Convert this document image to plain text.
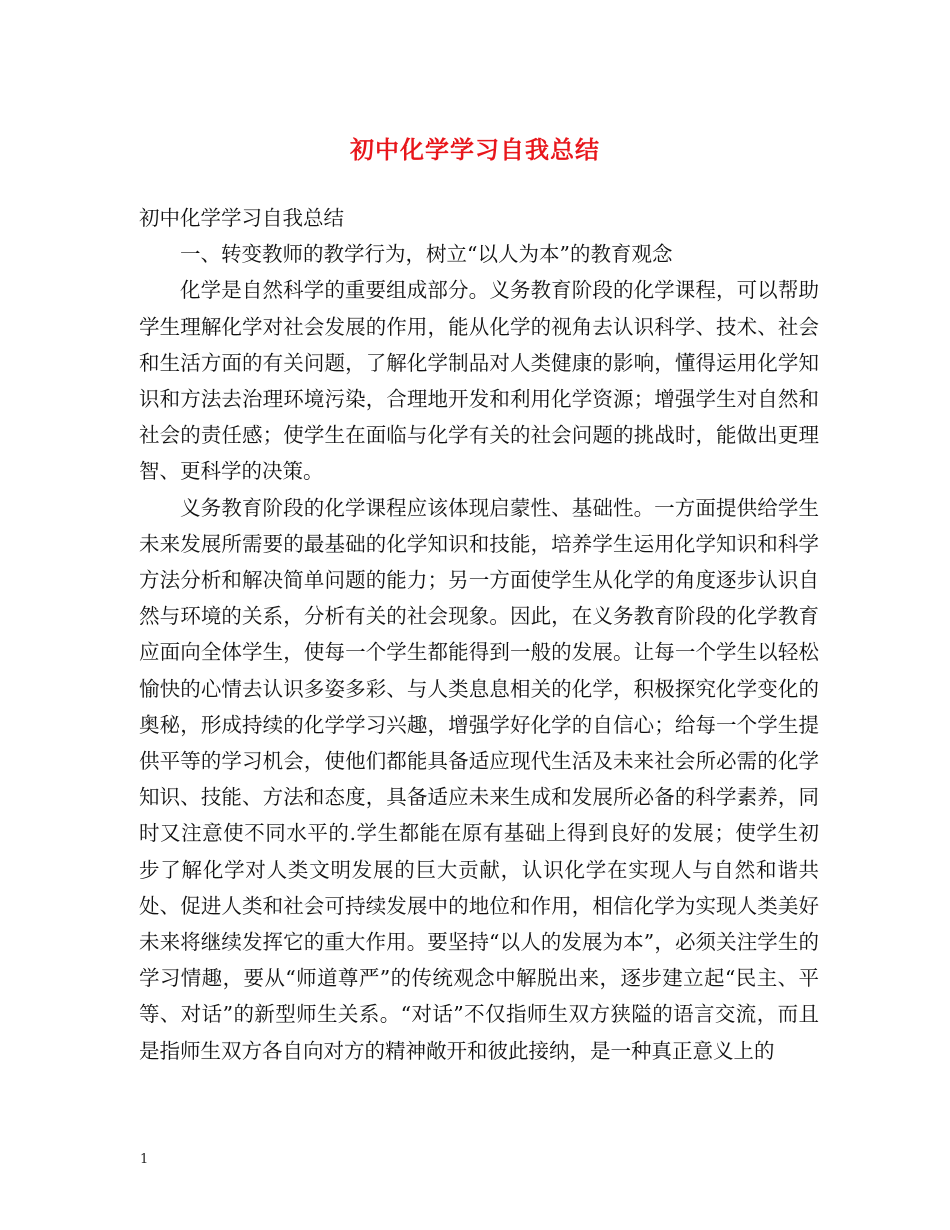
初中化学学习自我总结

初中化学学习自我总结

一、转变教师的教学行为，树立“以人为本”的教育观念

化学是自然科学的重要组成部分。义务教育阶段的化学课程，可以帮助学生理解化学对社会发展的作用，能从化学的视角去认识科学、技术、社会和生活方面的有关问题，了解化学制品对人类健康的影响，懂得运用化学知识和方法去治理环境污染，合理地开发和利用化学资源；增强学生对自然和社会的责任感；使学生在面临与化学有关的社会问题的挑战时，能做出更理智、更科学的决策。

义务教育阶段的化学课程应该体现启蒙性、基础性。一方面提供给学生未来发展所需要的最基础的化学知识和技能，培养学生运用化学知识和科学方法分析和解决简单问题的能力；另一方面使学生从化学的角度逐步认识自然与环境的关系，分析有关的社会现象。因此，在义务教育阶段的化学教育应面向全体学生，使每一个学生都能得到一般的发展。让每一个学生以轻松愉快的心情去认识多姿多彩、与人类息息相关的化学，积极探究化学变化的奥秘，形成持续的化学学习兴趣，增强学好化学的自信心；给每一个学生提供平等的学习机会，使他们都能具备适应现代生活及未来社会所必需的化学知识、技能、方法和态度，具备适应未来生成和发展所必备的科学素养，同时又注意使不同水平的.学生都能在原有基础上得到良好的发展；使学生初步了解化学对人类文明发展的巨大贡献，认识化学在实现人与自然和谐共处、促进人类和社会可持续发展中的地位和作用，相信化学为实现人类美好未来将继续发挥它的重大作用。要坚持“以人的发展为本”，必须关注学生的学习情趣，要从“师道尊严”的传统观念中解脱出来，逐步建立起“民主、平等、对话”的新型师生关系。“对话”不仅指师生双方狭隘的语言交流，而且是指师生双方各自向对方的精神敞开和彼此接纳，是一种真正意义上的

1
